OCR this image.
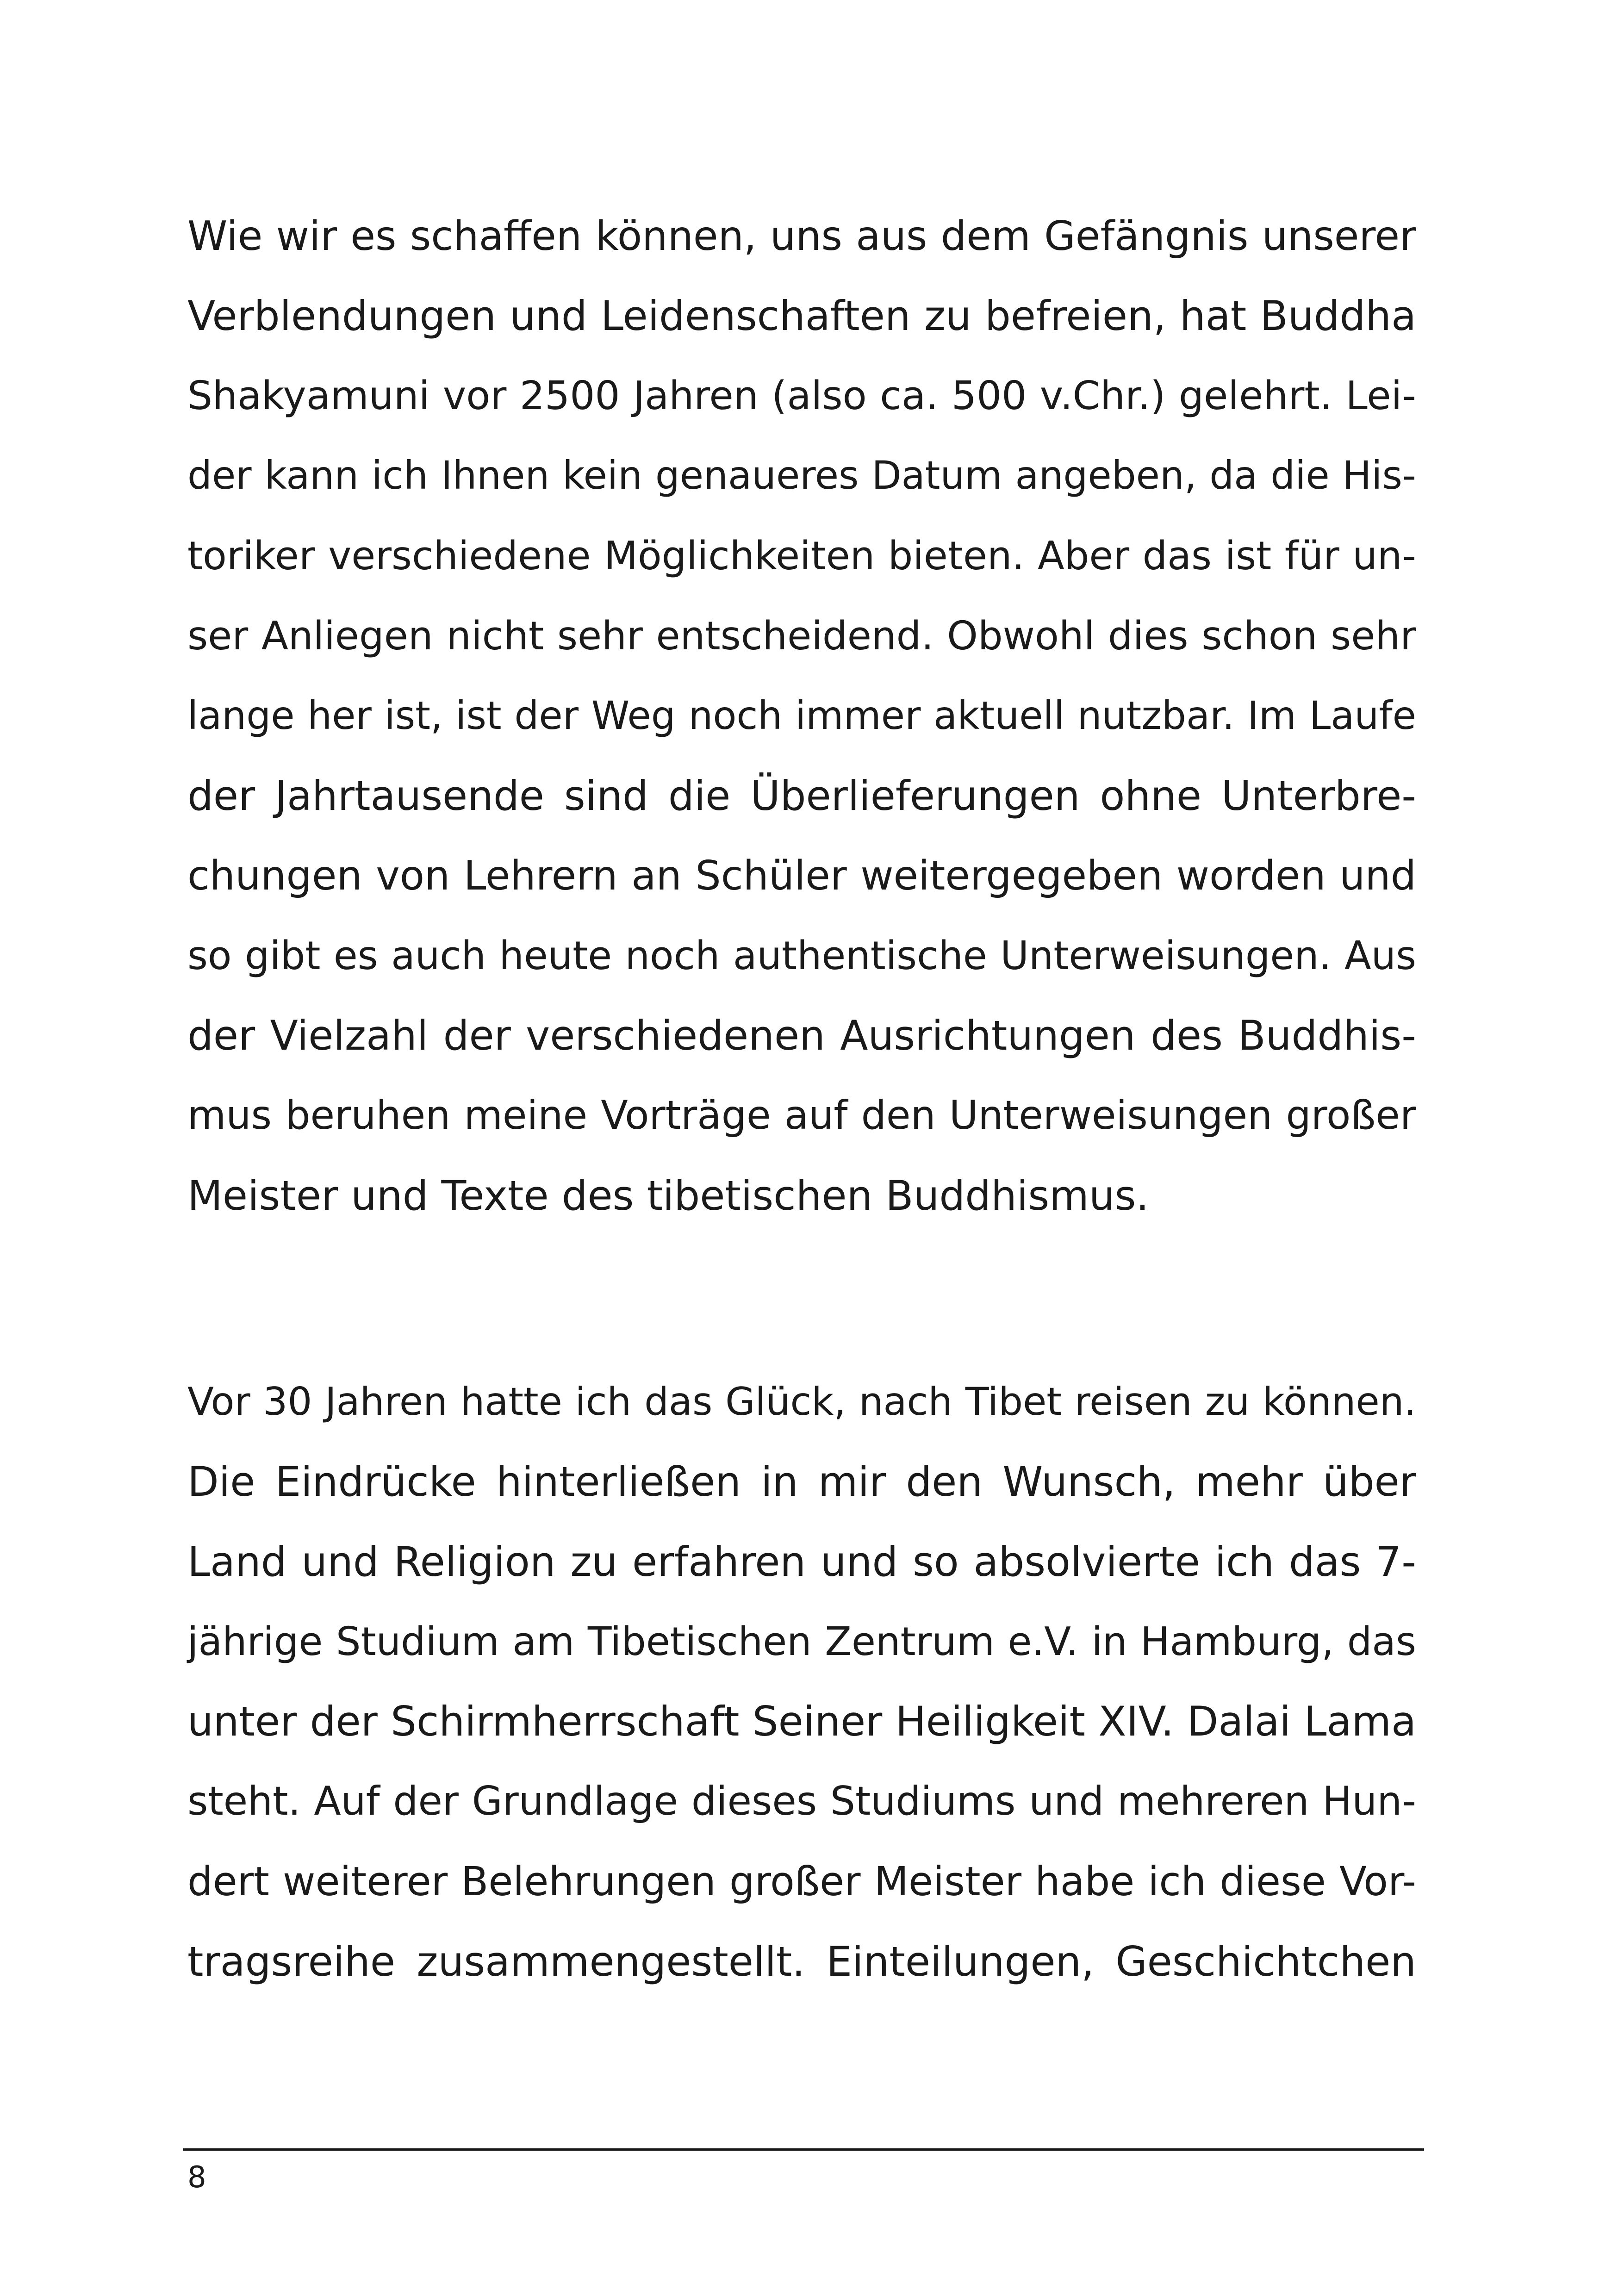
Wie wir es schaffen können, uns aus dem Gefängnis unserer
Verblendungen und Leidenschaften zu befreien, hat Buddha
Shakyamuni vor 2500 Jahren (also ca. 500 v.Chr.) gelehrt. Lei-
der kann ich Ihnen kein genaueres Datum angeben, da die His-
toriker verschiedene Möglichkeiten bieten. Aber das ist für un-
ser Anliegen nicht sehr entscheidend. Obwohl dies schon sehr
lange her ist, ist der Weg noch immer aktuell nutzbar. Im Laufe
der Jahrtausende sind die Überlieferungen ohne Unterbre-
chungen von Lehrern an Schüler weitergegeben worden und
so gibt es auch heute noch authentische Unterweisungen. Aus
der Vielzahl der verschiedenen Ausrichtungen des Buddhis-
mus beruhen meine Vorträge auf den Unterweisungen großer
Meister und Texte des tibetischen Buddhismus.
Vor 30 Jahren hatte ich das Glück, nach Tibet reisen zu können.
Die Eindrücke hinterließen in mir den Wunsch, mehr über
Land und Religion zu erfahren und so absolvierte ich das 7-
jährige Studium am Tibetischen Zentrum e.V. in Hamburg, das
unter der Schirmherrschaft Seiner Heiligkeit XIV. Dalai Lama
steht. Auf der Grundlage dieses Studiums und mehreren Hun-
dert weiterer Belehrungen großer Meister habe ich diese Vor-
tragsreihe zusammengestellt. Einteilungen, Geschichtchen
8
